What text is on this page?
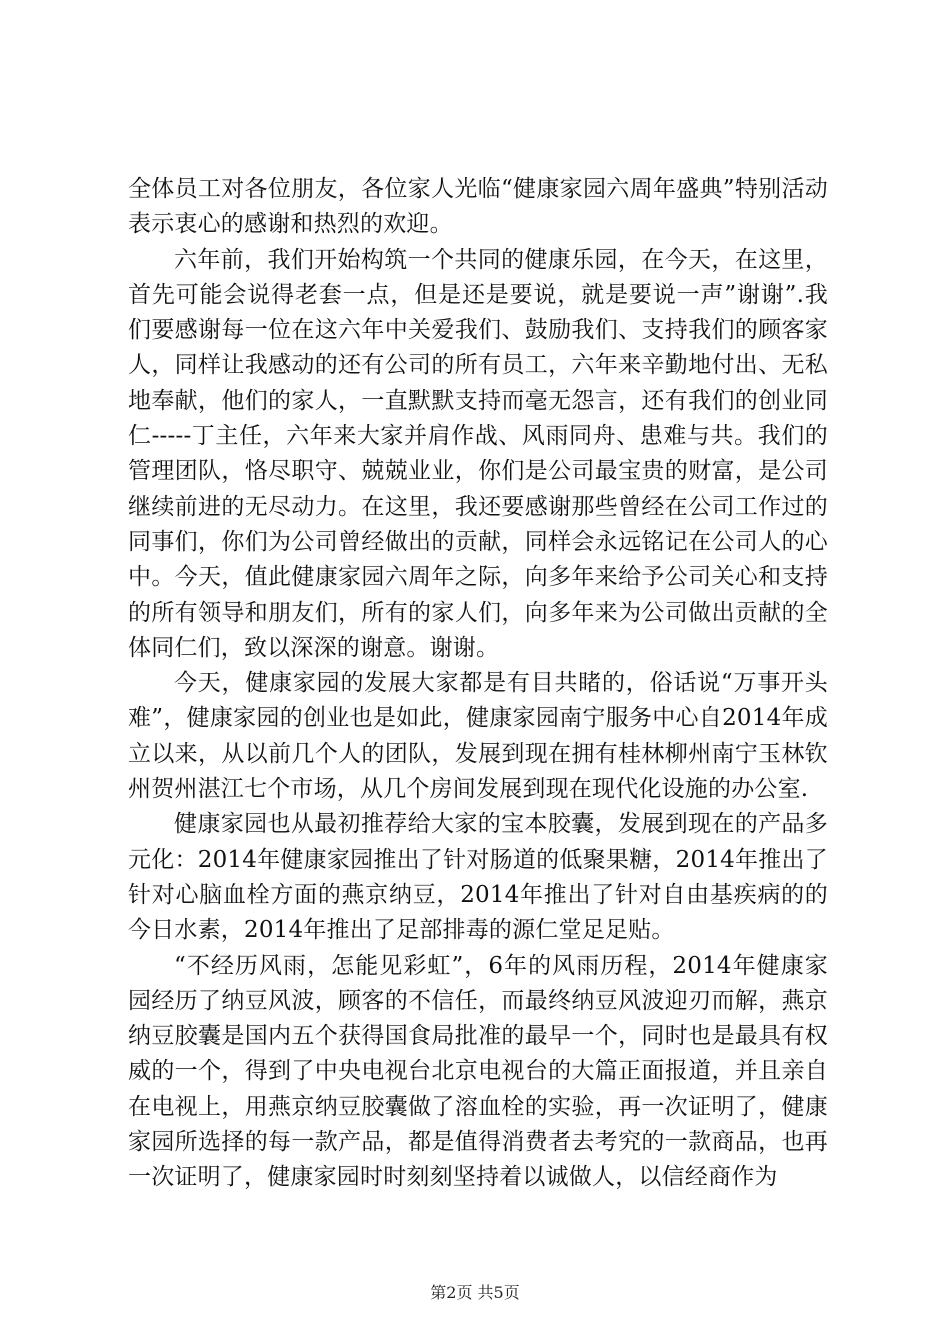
全体员工对各位朋友，各位家人光临“健康家园六周年盛典”特别活动表示衷心的感谢和热烈的欢迎。

六年前，我们开始构筑一个共同的健康乐园，在今天，在这里，首先可能会说得老套一点，但是还是要说，就是要说一声”谢谢”.我们要感谢每一位在这六年中关爱我们、鼓励我们、支持我们的顾客家人，同样让我感动的还有公司的所有员工，六年来辛勤地付出、无私地奉献，他们的家人，一直默默支持而毫无怨言，还有我们的创业同仁-----丁主任，六年来大家并肩作战、风雨同舟、患难与共。我们的管理团队，恪尽职守、兢兢业业，你们是公司最宝贵的财富，是公司继续前进的无尽动力。在这里，我还要感谢那些曾经在公司工作过的同事们，你们为公司曾经做出的贡献，同样会永远铭记在公司人的心中。今天，值此健康家园六周年之际，向多年来给予公司关心和支持的所有领导和朋友们，所有的家人们，向多年来为公司做出贡献的全体同仁们，致以深深的谢意。谢谢。

今天，健康家园的发展大家都是有目共睹的，俗话说“万事开头难”，健康家园的创业也是如此，健康家园南宁服务中心自2014年成立以来，从以前几个人的团队，发展到现在拥有桂林柳州南宁玉林钦州贺州湛江七个市场，从几个房间发展到现在现代化设施的办公室.

健康家园也从最初推荐给大家的宝本胶囊，发展到现在的产品多元化：2014年健康家园推出了针对肠道的低聚果糖，2014年推出了针对心脑血栓方面的燕京纳豆，2014年推出了针对自由基疾病的的今日水素，2014年推出了足部排毒的源仁堂足足贴。

“不经历风雨，怎能见彩虹”，6年的风雨历程，2014年健康家园经历了纳豆风波，顾客的不信任，而最终纳豆风波迎刃而解，燕京纳豆胶囊是国内五个获得国食局批准的最早一个，同时也是最具有权威的一个，得到了中央电视台北京电视台的大篇正面报道，并且亲自在电视上，用燕京纳豆胶囊做了溶血栓的实验，再一次证明了，健康家园所选择的每一款产品，都是值得消费者去考究的一款商品，也再一次证明了，健康家园时时刻刻坚持着以诚做人，以信经商作为

第2页 共5页
